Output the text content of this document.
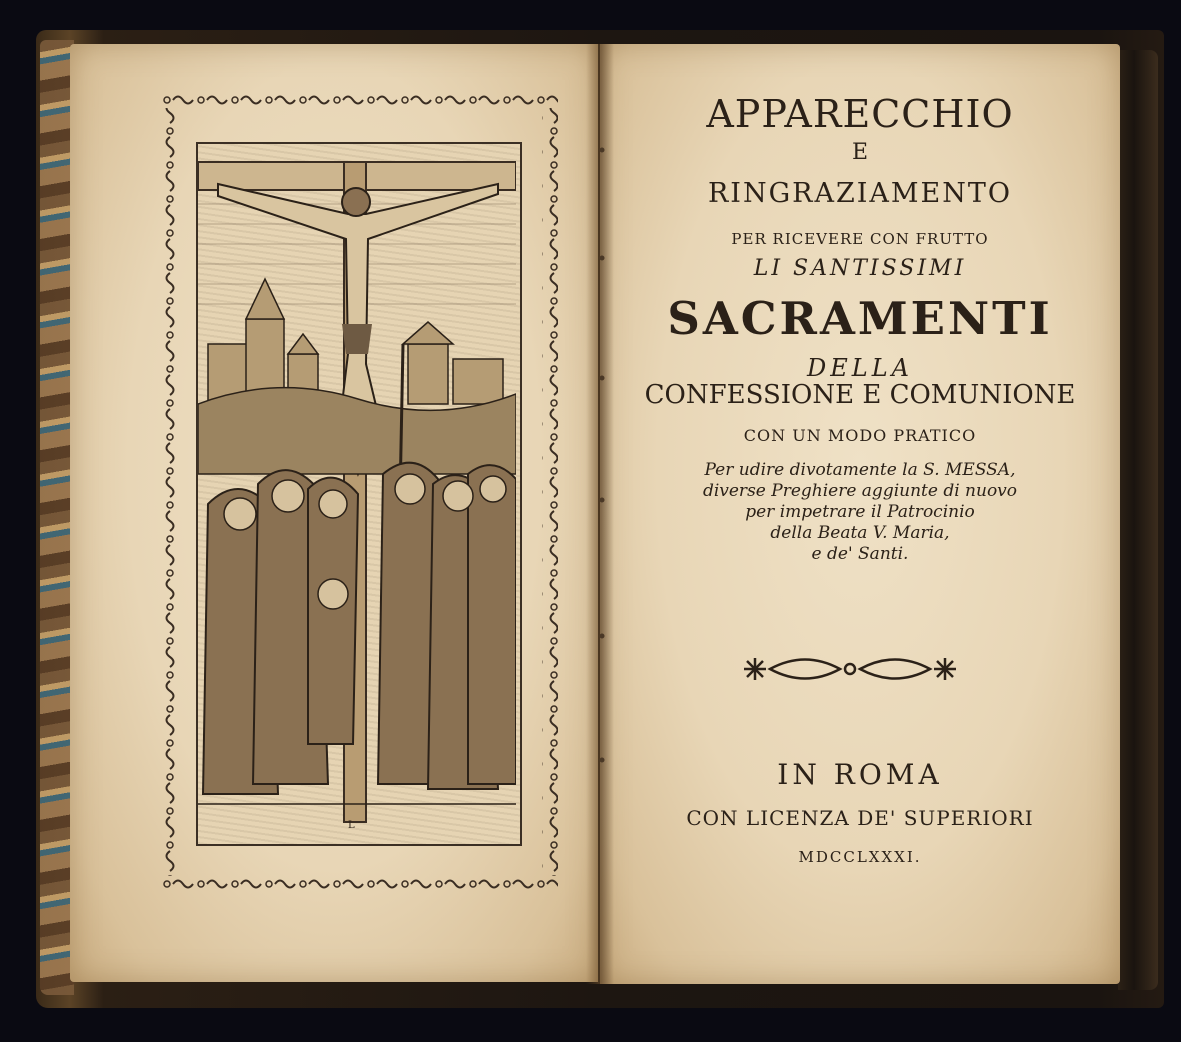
L
APPARECCHIO
E
RINGRAZIAMENTO
PER RICEVERE CON FRUTTO
LI SANTISSIMI
SACRAMENTI
DELLA
CONFESSIONE E COMUNIONE
CON UN MODO PRATICO
Per udire divotamente la S. MESSA,
diverse Preghiere aggiunte di nuovo
per impetrare il Patrocinio
della Beata V. Maria,
e de' Santi.
IN ROMA
CON LICENZA DE' SUPERIORI
MDCCLXXXI.
